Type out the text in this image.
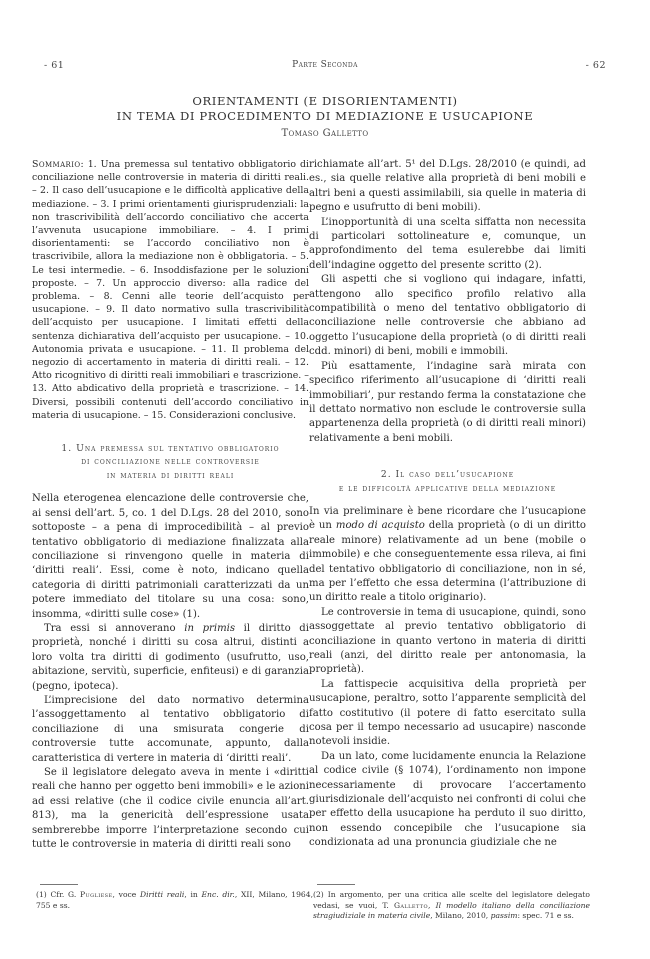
- 61	Parte Seconda	- 62
ORIENTAMENTI (E DISORIENTAMENTI)
IN TEMA DI PROCEDIMENTO DI MEDIAZIONE E USUCAPIONE
Tomaso Galletto

Sommario: 1. Una premessa sul tentativo obbligatorio di conciliazione nelle controversie in materia di diritti reali. – 2. Il caso dell’usucapione e le difficoltà applicative della mediazione. – 3. I primi orientamenti giurisprudenziali: la non trascrivibilità dell’accordo conciliativo che accerta l’avvenuta usucapione immobiliare. – 4. I primi disorientamenti: se l’accordo conciliativo non è trascrivibile, allora la mediazione non è obbligatoria. – 5. Le tesi intermedie. – 6. Insoddisfazione per le soluzioni proposte. – 7. Un approccio diverso: alla radice del problema. – 8. Cenni alle teorie dell’acquisto per usucapione. – 9. Il dato normativo sulla trascrivibilità dell’acquisto per usucapione. I limitati effetti della sentenza dichiarativa dell’acquisto per usucapione. – 10. Autonomia privata e usucapione. – 11. Il problema del negozio di accertamento in materia di diritti reali. – 12. Atto ricognitivo di diritti reali immobiliari e trascrizione. – 13. Atto abdicativo della proprietà e trascrizione. – 14. Diversi, possibili contenuti dell’accordo conciliativo in materia di usucapione. – 15. Considerazioni conclusive.

1. Una premessa sul tentativo obbligatorio
di conciliazione nelle controversie
in materia di diritti reali

Nella eterogenea elencazione delle controversie che, ai sensi dell’art. 5, co. 1 del D.Lgs. 28 del 2010, sono sottoposte – a pena di improcedibilità – al previo tentativo obbligatorio di mediazione finalizzata alla conciliazione si rinvengono quelle in materia di ‘diritti reali’. Essi, come è noto, indicano quella categoria di diritti patrimoniali caratterizzati da un potere immediato del titolare su una cosa: sono, insomma, «diritti sulle cose» (1).

Tra essi si annoverano in primis il diritto di proprietà, nonché i diritti su cosa altrui, distinti a loro volta tra diritti di godimento (usufrutto, uso, abitazione, servitù, superficie, enfiteusi) e di garanzia (pegno, ipoteca).

L’imprecisione del dato normativo determina l’assoggettamento al tentativo obbligatorio di conciliazione di una smisurata congerie di controversie tutte accomunate, appunto, dalla caratteristica di vertere in materia di ‘diritti reali’.

Se il legislatore delegato aveva in mente i «diritti reali che hanno per oggetto beni immobili» e le azioni ad essi relative (che il codice civile enuncia all’art. 813), ma la genericità dell’espressione usata sembrerebbe imporre l’interpretazione secondo cui tutte le controversie in materia di diritti reali sono

richiamate all’art. 5¹ del D.Lgs. 28/2010 (e quindi, ad es., sia quelle relative alla proprietà di beni mobili e altri beni a questi assimilabili, sia quelle in materia di pegno e usufrutto di beni mobili).

L’inopportunità di una scelta siffatta non necessita di particolari sottolineature e, comunque, un approfondimento del tema esulerebbe dai limiti dell’indagine oggetto del presente scritto (2).

Gli aspetti che si vogliono qui indagare, infatti, attengono allo specifico profilo relativo alla compatibilità o meno del tentativo obbligatorio di conciliazione nelle controversie che abbiano ad oggetto l’usucapione della proprietà (o di diritti reali cdd. minori) di beni, mobili e immobili.

Più esattamente, l’indagine sarà mirata con specifico riferimento all’usucapione di ‘diritti reali immobiliari’, pur restando ferma la constatazione che il dettato normativo non esclude le controversie sulla appartenenza della proprietà (o di diritti reali minori) relativamente a beni mobili.

2. Il caso dell’usucapione
e le difficoltà applicative della mediazione

In via preliminare è bene ricordare che l’usucapione è un modo di acquisto della proprietà (o di un diritto reale minore) relativamente ad un bene (mobile o immobile) e che conseguentemente essa rileva, ai fini del tentativo obbligatorio di conciliazione, non in sé, ma per l’effetto che essa determina (l’attribuzione di un diritto reale a titolo originario).

Le controversie in tema di usucapione, quindi, sono assoggettate al previo tentativo obbligatorio di conciliazione in quanto vertono in materia di diritti reali (anzi, del diritto reale per antonomasia, la proprietà).

La fattispecie acquisitiva della proprietà per usucapione, peraltro, sotto l’apparente semplicità del fatto costitutivo (il potere di fatto esercitato sulla cosa per il tempo necessario ad usucapire) nasconde notevoli insidie.

Da un lato, come lucidamente enuncia la Relazione al codice civile (§ 1074), l’ordinamento non impone necessariamente di provocare l’accertamento giurisdizionale dell’acquisto nei confronti di colui che per effetto della usucapione ha perduto il suo diritto, non essendo concepibile che l’usucapione sia condizionata ad una pronuncia giudiziale che ne

(1) Cfr. G. Pugliese, voce Diritti reali, in Enc. dir., XII, Milano, 1964, 755 e ss.
(2) In argomento, per una critica alle scelte del legislatore delegato vedasi, se vuoi, T. Galletto, Il modello italiano della conciliazione stragiudiziale in materia civile, Milano, 2010, passim: spec. 71 e ss.
